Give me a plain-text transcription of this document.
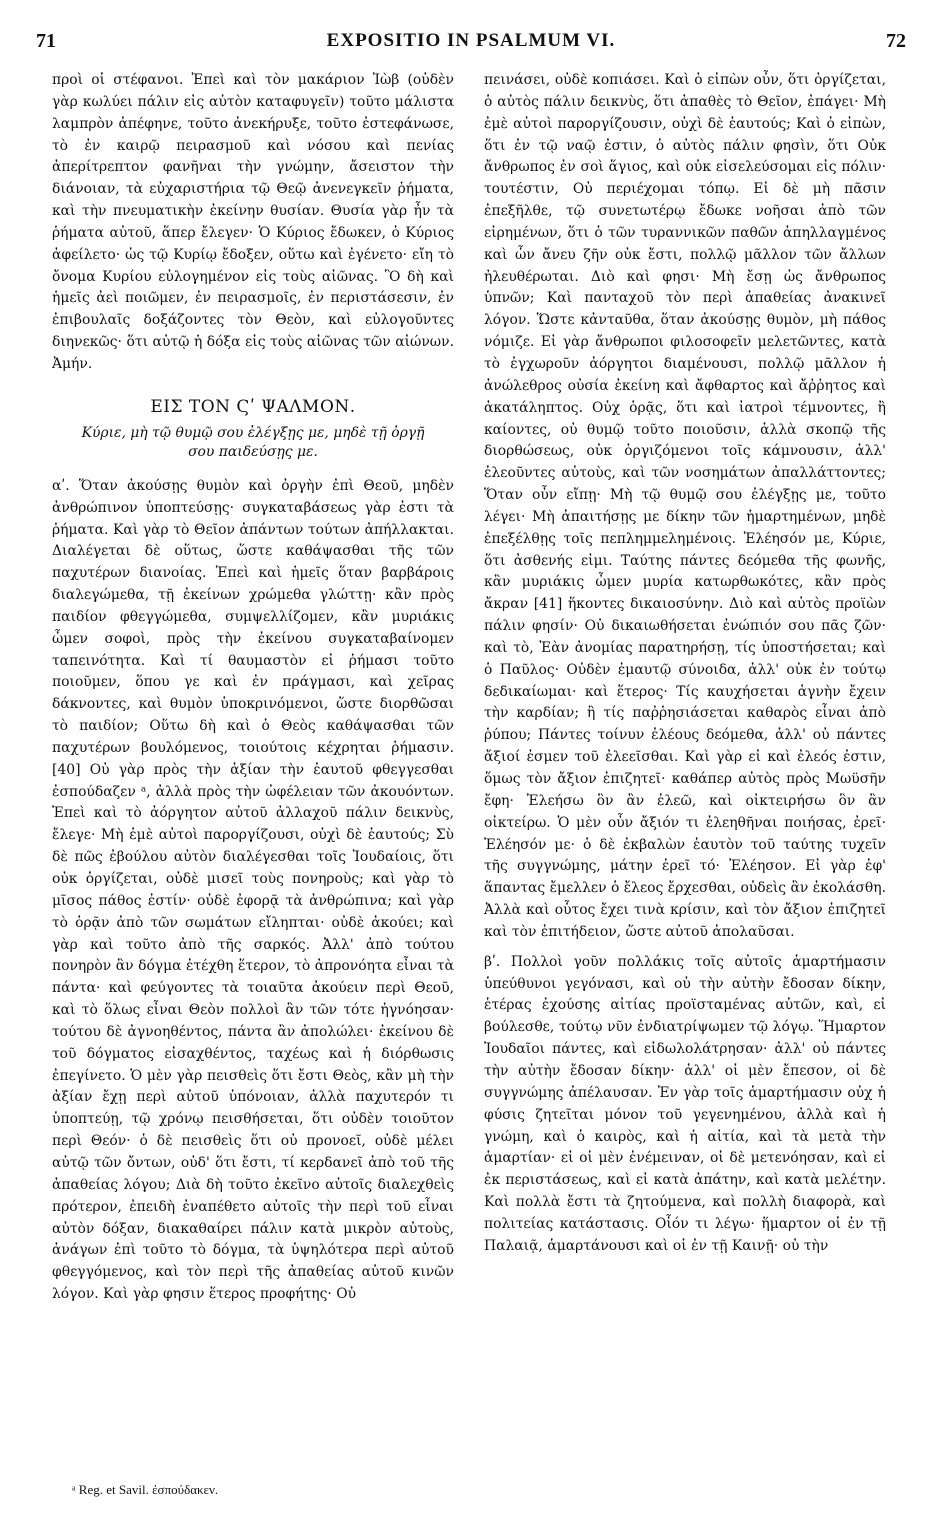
71	EXPOSITIO IN PSALMUM VI.	72

προὶ οἱ στέφανοι. Ἐπεὶ καὶ τὸν μακάριον Ἰὼβ (οὐδὲν γὰρ κωλύει πάλιν εἰς αὐτὸν καταφυγεῖν) τοῦτο μάλιστα λαμπρὸν ἀπέφηνε, τοῦτο ἀνεκήρυξε, τοῦτο ἐστεφάνωσε, τὸ ἐν καιρῷ πειρασμοῦ καὶ νόσου καὶ πενίας ἀπερίτρεπτον φανῆναι τὴν γνώμην, ἄσειστον τὴν διάνοιαν, τὰ εὐχαριστήρια τῷ Θεῷ ἀνενεγκεῖν ῥήματα, καὶ τὴν πνευματικὴν ἐκείνην θυσίαν. Θυσία γὰρ ἦν τὰ ῥήματα αὐτοῦ, ἅπερ ἔλεγεν· Ὁ Κύριος ἔδωκεν, ὁ Κύριος ἀφείλετο· ὡς τῷ Κυρίῳ ἔδοξεν, οὕτω καὶ ἐγένετο· εἴη τὸ ὄνομα Κυρίου εὐλογημένον εἰς τοὺς αἰῶνας. Ὃ δὴ καὶ ἡμεῖς ἀεὶ ποιῶμεν, ἐν πειρασμοῖς, ἐν περιστάσεσιν, ἐν ἐπιβουλαῖς δοξάζοντες τὸν Θεὸν, καὶ εὐλογοῦντες διηνεκῶς· ὅτι αὐτῷ ἡ δόξα εἰς τοὺς αἰῶνας τῶν αἰώνων. Ἀμήν.

ΕΙΣ ΤΟΝ Ϛʹ ΨΑΛΜΟΝ.
Κύριε, μὴ τῷ θυμῷ σου ἐλέγξῃς με, μηδὲ τῇ ὀργῇ σου παιδεύσῃς με.

αʹ. Ὅταν ἀκούσῃς θυμὸν καὶ ὀργὴν ἐπὶ Θεοῦ, μηδὲν ἀνθρώπινον ὑποπτεύσῃς· συγκαταβάσεως γὰρ ἐστι τὰ ῥήματα. Καὶ γὰρ τὸ Θεῖον ἀπάντων τούτων ἀπήλλακται. Διαλέγεται δὲ οὕτως, ὥστε καθάψασθαι τῆς τῶν παχυτέρων διανοίας. Ἐπεὶ καὶ ἡμεῖς ὅταν βαρβάροις διαλεγώμεθα, τῇ ἐκείνων χρώμεθα γλώττῃ· κἂν πρὸς παιδίον φθεγγώμεθα, συμψελλίζομεν, κἂν μυριάκις ὦμεν σοφοὶ, πρὸς τὴν ἐκείνου συγκαταβαίνομεν ταπεινότητα. Καὶ τί θαυμαστὸν εἰ ῥήμασι τοῦτο ποιοῦμεν, ὅπου γε καὶ ἐν πράγμασι, καὶ χεῖρας δάκνοντες, καὶ θυμὸν ὑποκρινόμενοι, ὥστε διορθῶσαι τὸ παιδίον; Οὕτω δὴ καὶ ὁ Θεὸς καθάψασθαι τῶν παχυτέρων βουλόμενος, τοιούτοις κέχρηται ῥήμασιν. [40] Οὐ γὰρ πρὸς τὴν ἀξίαν τὴν ἑαυτοῦ φθεγγεσθαι ἐσπούδαζεν ᵃ, ἀλλὰ πρὸς τὴν ὠφέλειαν τῶν ἀκουόντων. Ἐπεὶ καὶ τὸ ἀόργητον αὐτοῦ ἀλλαχοῦ πάλιν δεικνὺς, ἔλεγε· Μὴ ἐμὲ αὐτοὶ παροργίζουσι, οὐχὶ δὲ ἑαυτούς; Σὺ δὲ πῶς ἐβούλου αὐτὸν διαλέγεσθαι τοῖς Ἰουδαίοις, ὅτι οὐκ ὀργίζεται, οὐδὲ μισεῖ τοὺς πονηροὺς; καὶ γὰρ τὸ μῖσος πάθος ἐστίν· οὐδὲ ἐφορᾷ τὰ ἀνθρώπινα; καὶ γὰρ τὸ ὁρᾷν ἀπὸ τῶν σωμάτων εἴληπται· οὐδὲ ἀκούει; καὶ γὰρ καὶ τοῦτο ἀπὸ τῆς σαρκός. Ἀλλ' ἀπὸ τούτου πονηρὸν ἂν δόγμα ἐτέχθη ἕτερον, τὸ ἀπρονόητα εἶναι τὰ πάντα· καὶ φεύγοντες τὰ τοιαῦτα ἀκούειν περὶ Θεοῦ, καὶ τὸ ὅλως εἶναι Θεὸν πολλοὶ ἂν τῶν τότε ἠγνόησαν· τούτου δὲ ἀγνοηθέντος, πάντα ἂν ἀπολώλει· ἐκείνου δὲ τοῦ δόγματος εἰσαχθέντος, ταχέως καὶ ἡ διόρθωσις ἐπεγίνετο. Ὁ μὲν γὰρ πεισθεὶς ὅτι ἔστι Θεὸς, κἂν μὴ τὴν ἀξίαν ἔχῃ περὶ αὐτοῦ ὑπόνοιαν, ἀλλὰ παχυτερόν τι ὑποπτεύῃ, τῷ χρόνῳ πεισθήσεται, ὅτι οὐδὲν τοιοῦτον περὶ Θεόν· ὁ δὲ πεισθεὶς ὅτι οὐ προνοεῖ, οὐδὲ μέλει αὐτῷ τῶν ὄντων, οὐδ' ὅτι ἔστι, τί κερδανεῖ ἀπὸ τοῦ τῆς ἀπαθείας λόγου; Διὰ δὴ τοῦτο ἐκεῖνο αὐτοῖς διαλεχθεὶς πρότερον, ἐπειδὴ ἐναπέθετο αὐτοῖς τὴν περὶ τοῦ εἶναι αὐτὸν δόξαν, διακαθαίρει πάλιν κατὰ μικρὸν αὐτοὺς, ἀνάγων ἐπὶ τοῦτο τὸ δόγμα, τὰ ὑψηλότερα περὶ αὐτοῦ φθεγγόμενος, καὶ τὸν περὶ τῆς ἀπαθείας αὐτοῦ κινῶν λόγον. Καὶ γὰρ φησιν ἕτερος προφήτης· Οὐ

πεινάσει, οὐδὲ κοπιάσει. Καὶ ὁ εἰπὼν οὖν, ὅτι ὀργίζεται, ὁ αὐτὸς πάλιν δεικνὺς, ὅτι ἀπαθὲς τὸ Θεῖον, ἐπάγει· Μὴ ἐμὲ αὐτοὶ παροργίζουσιν, οὐχὶ δὲ ἑαυτούς; Καὶ ὁ εἰπὼν, ὅτι ἐν τῷ ναῷ ἐστιν, ὁ αὐτὸς πάλιν φησὶν, ὅτι Οὐκ ἄνθρωπος ἐν σοὶ ἅγιος, καὶ οὐκ εἰσελεύσομαι εἰς πόλιν· τουτέστιν, Οὐ περιέχομαι τόπῳ. Εἰ δὲ μὴ πᾶσιν ἐπεξῆλθε, τῷ συνετωτέρῳ ἔδωκε νοῆσαι ἀπὸ τῶν εἰρημένων, ὅτι ὁ τῶν τυραννικῶν παθῶν ἀπηλλαγμένος καὶ ὧν ἄνευ ζῆν οὐκ ἔστι, πολλῷ μᾶλλον τῶν ἄλλων ἠλευθέρωται. Διὸ καὶ φησι· Μὴ ἔσῃ ὡς ἄνθρωπος ὑπνῶν; Καὶ πανταχοῦ τὸν περὶ ἀπαθείας ἀνακινεῖ λόγον. Ὥστε κἀνταῦθα, ὅταν ἀκούσῃς θυμὸν, μὴ πάθος νόμιζε. Εἰ γὰρ ἄνθρωποι φιλοσοφεῖν μελετῶντες, κατὰ τὸ ἐγχωροῦν ἀόργητοι διαμένουσι, πολλῷ μᾶλλον ἡ ἀνώλεθρος οὐσία ἐκείνη καὶ ἄφθαρτος καὶ ἄῤῥητος καὶ ἀκατάληπτος. Οὐχ ὁρᾷς, ὅτι καὶ ἰατροὶ τέμνοντες, ἢ καίοντες, οὐ θυμῷ τοῦτο ποιοῦσιν, ἀλλὰ σκοπῷ τῆς διορθώσεως, οὐκ ὀργιζόμενοι τοῖς κάμνουσιν, ἀλλ' ἐλεοῦντες αὐτοὺς, καὶ τῶν νοσημάτων ἀπαλλάττοντες; Ὅταν οὖν εἴπῃ· Μὴ τῷ θυμῷ σου ἐλέγξῃς με, τοῦτο λέγει· Μὴ ἀπαιτήσῃς με δίκην τῶν ἡμαρτημένων, μηδὲ ἐπεξέλθῃς τοῖς πεπλημμελημένοις. Ἐλέησόν με, Κύριε, ὅτι ἀσθενής εἰμι. Ταύτης πάντες δεόμεθα τῆς φωνῆς, κἂν μυριάκις ὦμεν μυρία κατωρθωκότες, κἂν πρὸς ἄκραν [41] ἥκοντες δικαιοσύνην. Διὸ καὶ αὐτὸς προϊὼν πάλιν φησίν· Οὐ δικαιωθήσεται ἐνώπιόν σου πᾶς ζῶν· καὶ τὸ, Ἐὰν ἀνομίας παρατηρήσῃ, τίς ὑποστήσεται; καὶ ὁ Παῦλος· Οὐδὲν ἐμαυτῷ σύνοιδα, ἀλλ' οὐκ ἐν τούτῳ δεδικαίωμαι· καὶ ἕτερος· Τίς καυχήσεται ἁγνὴν ἔχειν τὴν καρδίαν; ἢ τίς παῤῥησιάσεται καθαρὸς εἶναι ἀπὸ ῥύπου; Πάντες τοίνυν ἐλέους δεόμεθα, ἀλλ' οὐ πάντες ἄξιοί ἐσμεν τοῦ ἐλεεῖσθαι. Καὶ γὰρ εἰ καὶ ἐλεός ἐστιν, ὅμως τὸν ἄξιον ἐπιζητεῖ· καθάπερ αὐτὸς πρὸς Μωϋσῆν ἔφη· Ἐλεήσω ὃν ἂν ἐλεῶ, καὶ οἰκτειρήσω ὃν ἂν οἰκτείρω. Ὁ μὲν οὖν ἄξιόν τι ἐλεηθῆναι ποιήσας, ἐρεῖ· Ἐλέησόν με· ὁ δὲ ἐκβαλὼν ἑαυτὸν τοῦ ταύτης τυχεῖν τῆς συγγνώμης, μάτην ἐρεῖ τό· Ἐλέησον. Εἰ γὰρ ἐφ' ἅπαντας ἔμελλεν ὁ ἔλεος ἔρχεσθαι, οὐδεὶς ἂν ἐκολάσθη. Ἀλλὰ καὶ οὗτος ἔχει τινὰ κρίσιν, καὶ τὸν ἄξιον ἐπιζητεῖ καὶ τὸν ἐπιτήδειον, ὥστε αὐτοῦ ἀπολαῦσαι.

βʹ. Πολλοὶ γοῦν πολλάκις τοῖς αὐτοῖς ἁμαρτήμασιν ὑπεύθυνοι γεγόνασι, καὶ οὐ τὴν αὐτὴν ἔδοσαν δίκην, ἑτέρας ἐχούσης αἰτίας προϊσταμένας αὐτῶν, καὶ, εἰ βούλεσθε, τούτῳ νῦν ἐνδιατρίψωμεν τῷ λόγῳ. Ἥμαρτον Ἰουδαῖοι πάντες, καὶ εἰδωλολάτρησαν· ἀλλ' οὐ πάντες τὴν αὐτὴν ἔδοσαν δίκην· ἀλλ' οἱ μὲν ἔπεσον, οἱ δὲ συγγνώμης ἀπέλαυσαν. Ἐν γὰρ τοῖς ἁμαρτήμασιν οὐχ ἡ φύσις ζητεῖται μόνον τοῦ γεγενημένου, ἀλλὰ καὶ ἡ γνώμη, καὶ ὁ καιρὸς, καὶ ἡ αἰτία, καὶ τὰ μετὰ τὴν ἁμαρτίαν· εἰ οἱ μὲν ἐνέμειναν, οἱ δὲ μετενόησαν, καὶ εἰ ἐκ περιστάσεως, καὶ εἰ κατὰ ἀπάτην, καὶ κατὰ μελέτην. Καὶ πολλὰ ἔστι τὰ ζητούμενα, καὶ πολλὴ διαφορὰ, καὶ πολιτείας κατάστασις. Οἷόν τι λέγω· ἥμαρτον οἱ ἐν τῇ Παλαιᾷ, ἁμαρτάνουσι καὶ οἱ ἐν τῇ Καινῇ· οὐ τὴν

ᵃ Reg. et Savil. ἐσπούδακεν.
